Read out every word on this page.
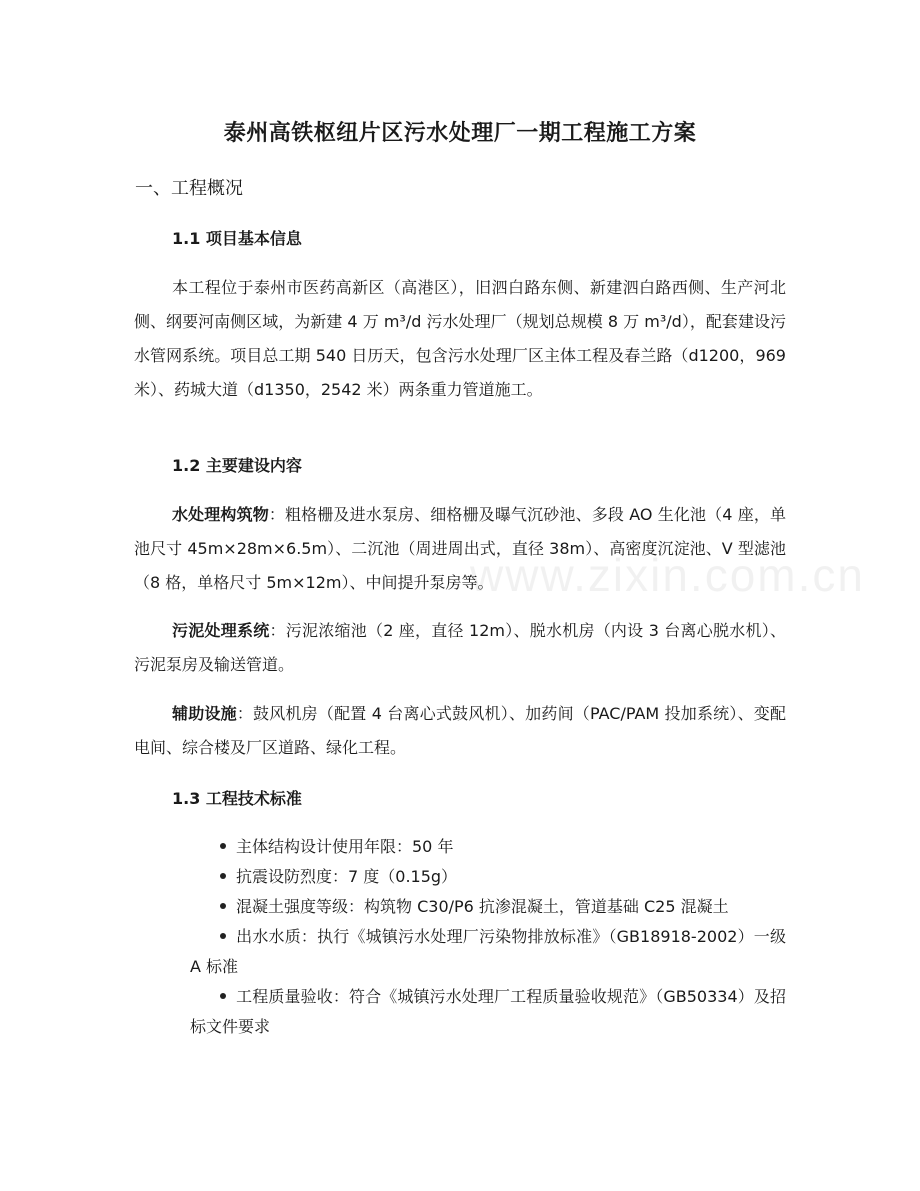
www.zixin.com.cn
泰州高铁枢纽片区污水处理厂一期工程施工方案
一、工程概况
1.1 项目基本信息

本工程位于泰州市医药高新区（高港区），旧泗白路东侧、新建泗白路西侧、生产河北侧、纲要河南侧区域，为新建 4 万 m³/d 污水处理厂（规划总规模 8 万 m³/d），配套建设污水管网系统。项目总工期 540 日历天，包含污水处理厂区主体工程及春兰路（d1200，969 米）、药城大道（d1350，2542 米）两条重力管道施工。

1.2 主要建设内容

水处理构筑物：粗格栅及进水泵房、细格栅及曝气沉砂池、多段 AO 生化池（4 座，单池尺寸 45m×28m×6.5m）、二沉池（周进周出式，直径 38m）、高密度沉淀池、V 型滤池（8 格，单格尺寸 5m×12m）、中间提升泵房等。

污泥处理系统：污泥浓缩池（2 座，直径 12m）、脱水机房（内设 3 台离心脱水机）、污泥泵房及输送管道。

辅助设施：鼓风机房（配置 4 台离心式鼓风机）、加药间（PAC/PAM 投加系统）、变配电间、综合楼及厂区道路、绿化工程。

1.3 工程技术标准
主体结构设计使用年限：50 年
抗震设防烈度：7 度（0.15g）
混凝土强度等级：构筑物 C30/P6 抗渗混凝土，管道基础 C25 混凝土
出水水质：执行《城镇污水处理厂污染物排放标准》（GB18918-2002）一级 A 标准
工程质量验收：符合《城镇污水处理厂工程质量验收规范》（GB50334）及招标文件要求
